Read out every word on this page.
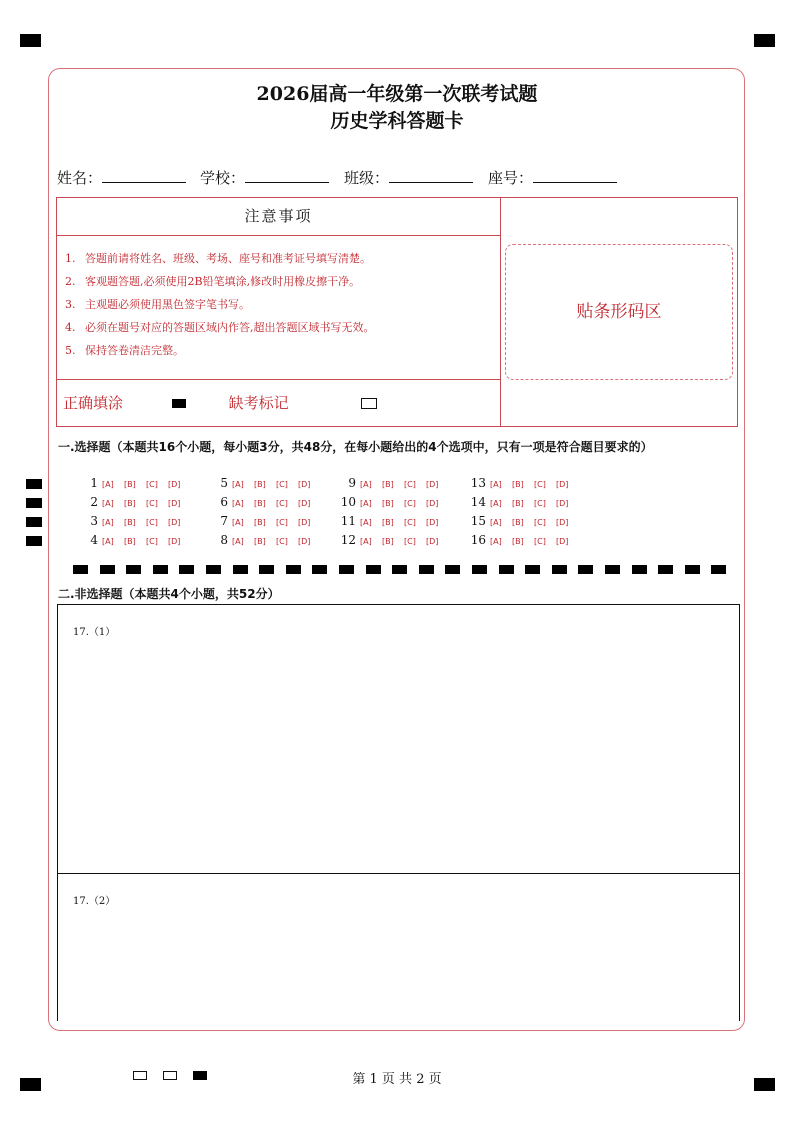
2026届高一年级第一次联考试题
历史学科答题卡
姓名：	学校：	班级：	座号：
注意事项
1. 答题前请将姓名、班级、考场、座号和准考证号填写清楚。
2. 客观题答题,必须使用2B铅笔填涂,修改时用橡皮擦干净。
3. 主观题必须使用黑色签字笔书写。
4. 必须在题号对应的答题区域内作答,超出答题区域书写无效。
5. 保持答卷清洁完整。
正确填涂	缺考标记
贴条形码区
一.选择题（本题共16个小题，每小题3分，共48分，在每小题给出的4个选项中，只有一项是符合题目要求的）
1 [A] [B] [C] [D]
2 [A] [B] [C] [D]
3 [A] [B] [C] [D]
4 [A] [B] [C] [D]
5 [A] [B] [C] [D]
6 [A] [B] [C] [D]
7 [A] [B] [C] [D]
8 [A] [B] [C] [D]
9 [A] [B] [C] [D]
10 [A] [B] [C] [D]
11 [A] [B] [C] [D]
12 [A] [B] [C] [D]
13 [A] [B] [C] [D]
14 [A] [B] [C] [D]
15 [A] [B] [C] [D]
16 [A] [B] [C] [D]
二.非选择题（本题共4个小题，共52分）
17.（1）
17.（2）
第 1 页 共 2 页
